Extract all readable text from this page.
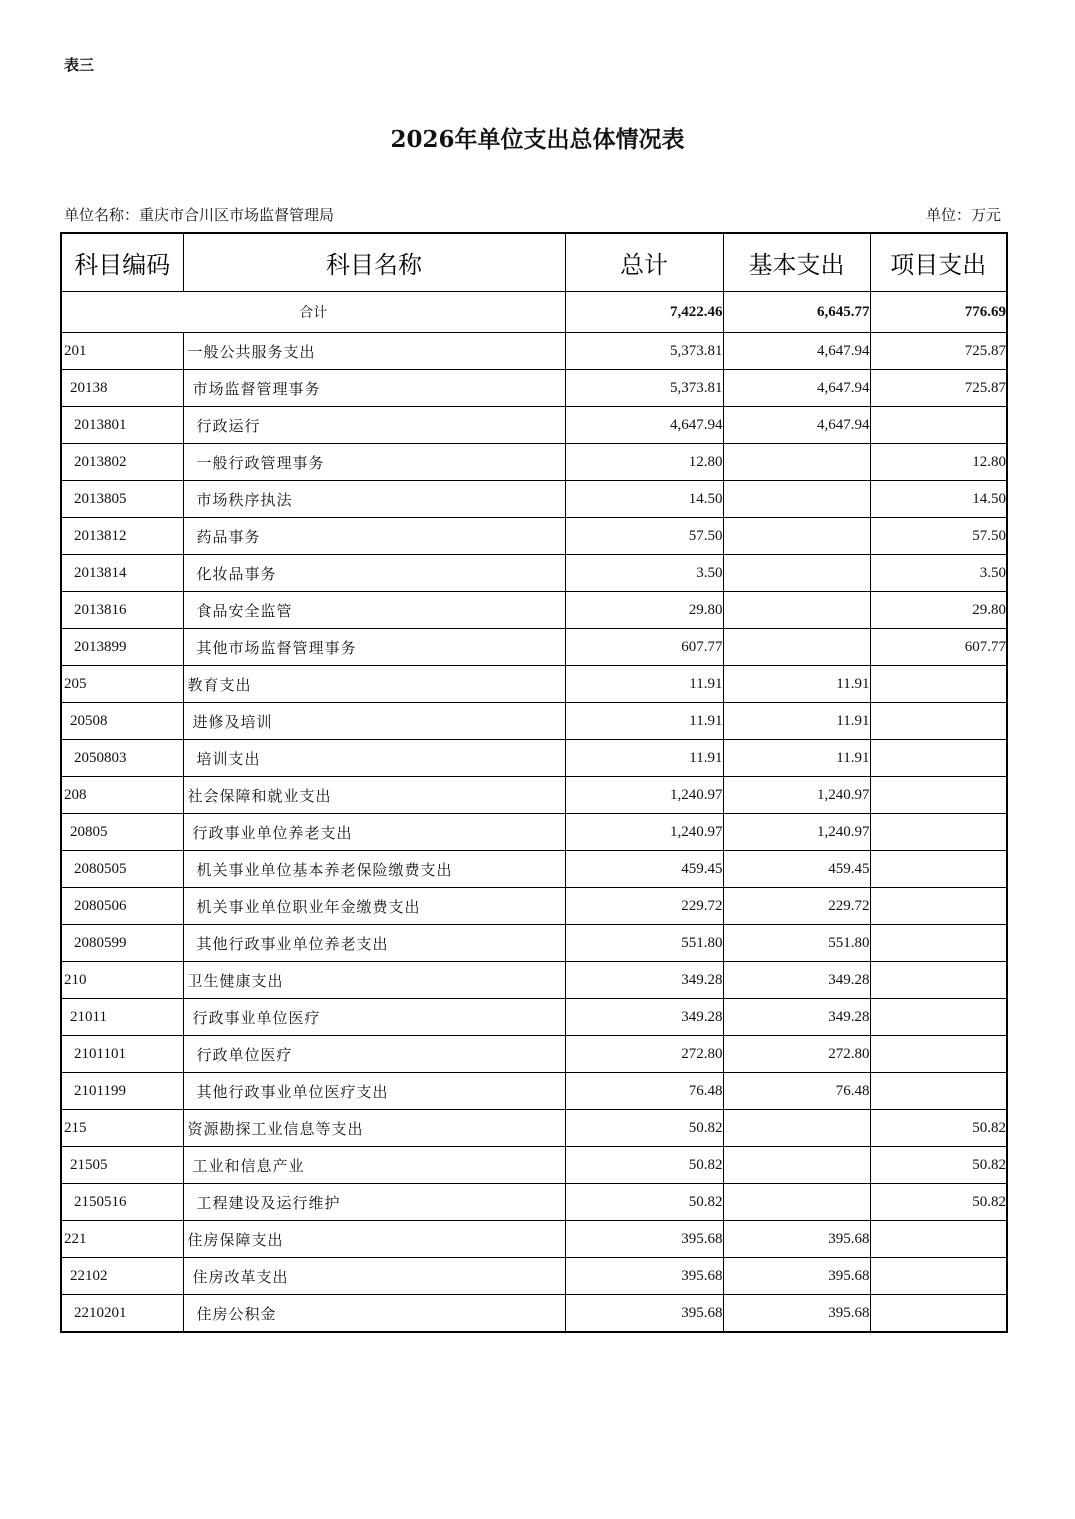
表三
2026年单位支出总体情况表
单位名称：重庆市合川区市场监督管理局	单位：万元
科目编码	科目名称	总计	基本支出	项目支出
合计		7,422.46	6,645.77	776.69
201	一般公共服务支出	5,373.81	4,647.94	725.87
20138	市场监督管理事务	5,373.81	4,647.94	725.87
2013801	行政运行	4,647.94	4,647.94	
2013802	一般行政管理事务	12.80		12.80
2013805	市场秩序执法	14.50		14.50
2013812	药品事务	57.50		57.50
2013814	化妆品事务	3.50		3.50
2013816	食品安全监管	29.80		29.80
2013899	其他市场监督管理事务	607.77		607.77
205	教育支出	11.91	11.91	
20508	进修及培训	11.91	11.91	
2050803	培训支出	11.91	11.91	
208	社会保障和就业支出	1,240.97	1,240.97	
20805	行政事业单位养老支出	1,240.97	1,240.97	
2080505	机关事业单位基本养老保险缴费支出	459.45	459.45	
2080506	机关事业单位职业年金缴费支出	229.72	229.72	
2080599	其他行政事业单位养老支出	551.80	551.80	
210	卫生健康支出	349.28	349.28	
21011	行政事业单位医疗	349.28	349.28	
2101101	行政单位医疗	272.80	272.80	
2101199	其他行政事业单位医疗支出	76.48	76.48	
215	资源勘探工业信息等支出	50.82		50.82
21505	工业和信息产业	50.82		50.82
2150516	工程建设及运行维护	50.82		50.82
221	住房保障支出	395.68	395.68	
22102	住房改革支出	395.68	395.68	
2210201	住房公积金	395.68	395.68	
